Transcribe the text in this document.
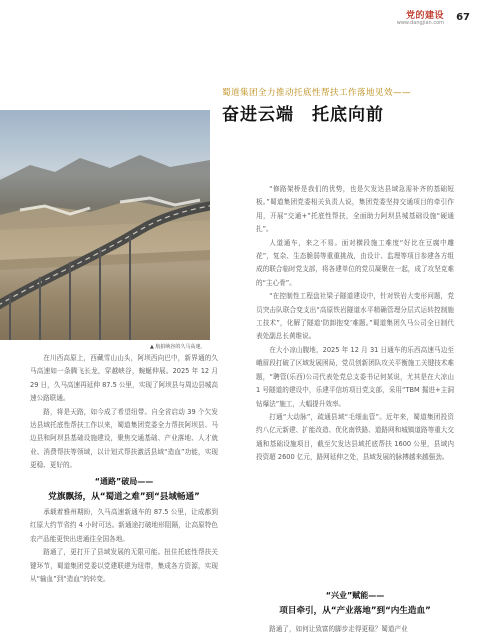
党的建设
www.dangjian.com 67
蜀道集团全力推动托底性帮扶工作落地见效——
奋进云端　托底向前
▲ 航拍峡谷的久马高速。

在川西高原上，西藏雪山山头，阿坝西向巴中，新界通的久马高速如一条腾飞长龙，穿越峡谷，蜿蜒伸展。2025 年 12 月 29 日，久马高速再延伸 87.5 公里，实现了阿坝县与周边县城高速公路联通。

路，将是天路，如今成了希望纽带。自全省启动 39 个欠发达县域托底性帮扶工作以来，蜀道集团党委全力帮扶阿坝县、马边县和阿坝县基础设施建设，聚焦交通基础、产业落地、人才就业、消费帮扶等领域，以计划式帮扶激活县域“造血”功能，实现更稳、更好的。

“通路”破局——
党旗飘扬，从“蜀道之难”到“县域畅通”

承载着雅州期盼，久马高速新通车的 87.5 公里，让成都到红原大约节省约 4 小时可达。新通途打破地形阻隔，让高原特色农产品能更快出进通往全国各地。

路通了，更打开了县域发展的无限可能。扭住托底性帮扶关键环节，蜀道集团党委以党建联建为纽带，集成各方资源，实现从“输血”到“造血”的转变。

“修路架桥是我们的优势，也是欠发达县域急需补齐的基础短板。”蜀道集团党委相关负责人说，集团党委坚持交通项目的牵引作用，开展“交通+”托底性帮扶，全面助力阿坝县城基础设施“硬通扎”。

人道通车，来之不易。面对横段施工难度“好比在豆腐中雕花”，复杂、生态脆弱等重重挑战，由设计、监理等项目参建各方组成的联合临时党支部，将各建单位的党员凝聚在一起，成了攻坚克难的“主心骨”。

“在控制性工程盘社梁子隧道建设中，针对铁岩大变形问题，党员突击队联合变支出“高原铁岩隧道水平精确管理分层式运转控制施工技术”，化解了隧道‘防卸抱变’难题。”蜀道集团久马公司全日制代表处副总长黄维说。

在大小凉山腹地，2025 年 12 月 31 日通车的乐西高速马边至峨眉段打破了区域发展困局，党员创新团队攻关平衡施工关键技术难题，“聘管(乐西)公司代表处党总支委书记何某说，尤其是在大凉山 1 号隧道的建设中，乐建平信坊项目党支部，采用“TBM 掘进+主洞钻爆法”施工，大幅提升效率。

打通“大动脉”，疏通县域“毛细血管”。近年来，蜀道集团投资约八亿元新建、扩能改造、优化南铁路、道路网和城镇道路等重大交通和基础设施项目，截至欠发达县域托底帮扶 1600 公里，县域内投资超 2600 亿元，路网延伸之处，县域发展的脉搏越来越强劲。

“兴业”赋能——
项目牵引，从“产业落地”到“内生造血”

路通了，如何让致富的脚步走得更稳？蜀道产业
